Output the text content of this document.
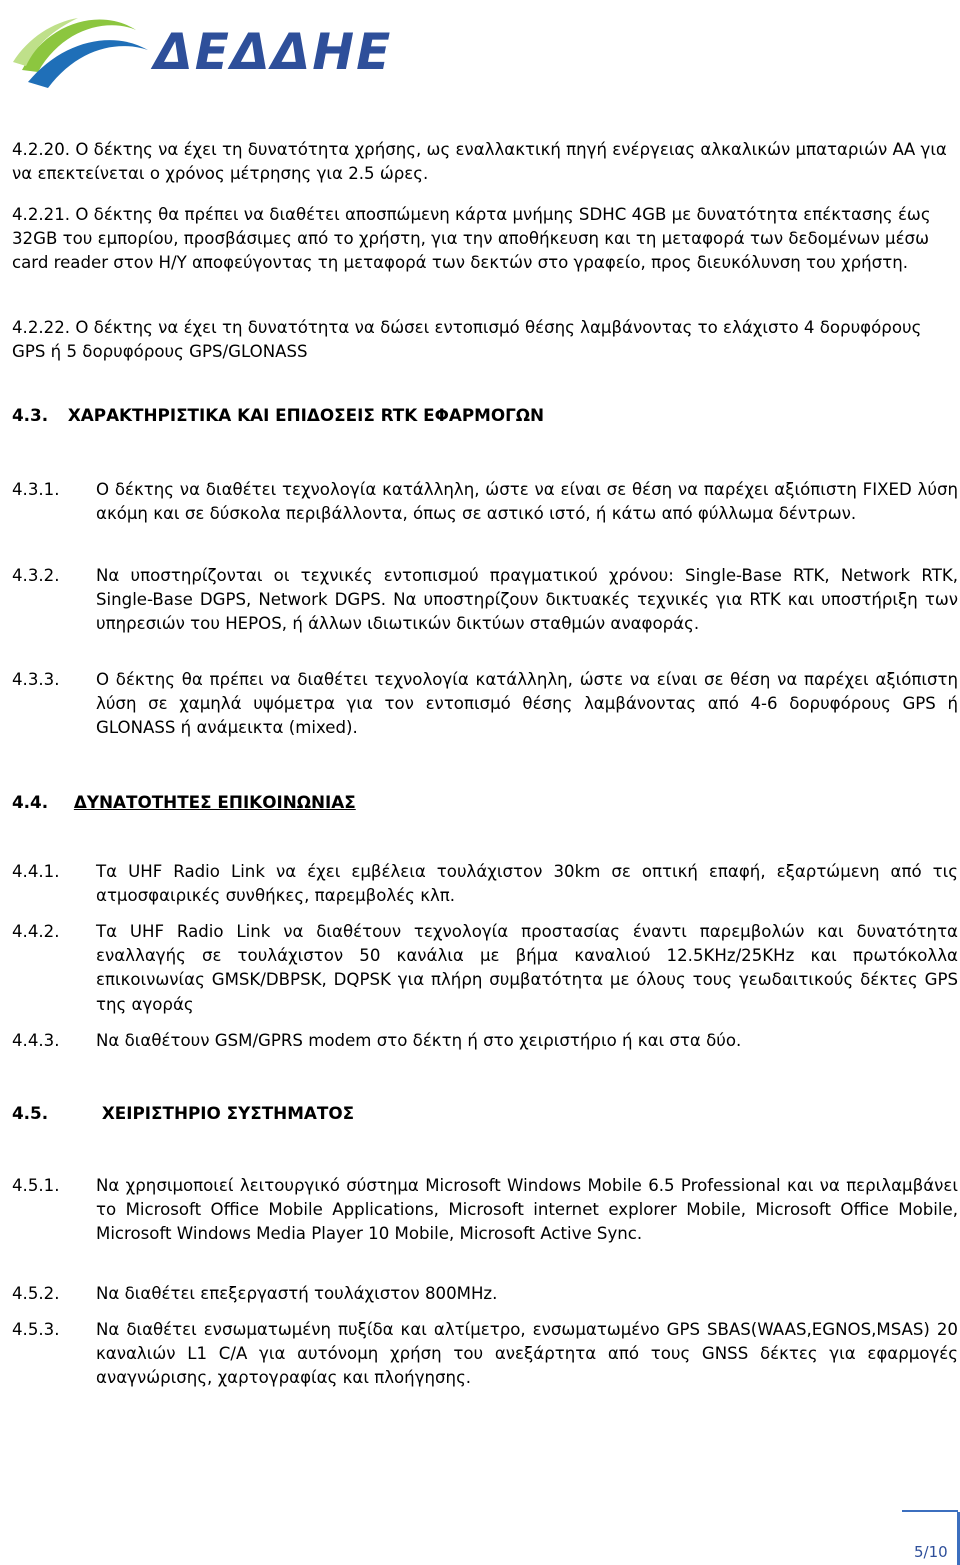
ΔΕΔΔΗΕ
4.2.20. Ο δέκτης να έχει τη δυνατότητα χρήσης, ως εναλλακτική πηγή ενέργειας αλκαλικών μπαταριών ΑΑ για να επεκτείνεται ο χρόνος μέτρησης για 2.5 ώρες.
4.2.21. Ο δέκτης θα πρέπει να διαθέτει αποσπώμενη κάρτα μνήμης SDHC 4GB με δυνατότητα επέκτασης έως 32GB του εμπορίου, προσβάσιμες από το χρήστη, για την αποθήκευση και τη μεταφορά των δεδομένων μέσω card reader στον Η/Υ αποφεύγοντας τη μεταφορά των δεκτών στο γραφείο, προς διευκόλυνση του χρήστη.
4.2.22. Ο δέκτης να έχει τη δυνατότητα να δώσει εντοπισμό θέσης λαμβάνοντας το ελάχιστο 4 δορυφόρους GPS ή 5 δορυφόρους GPS/GLONASS
4.3. ΧΑΡΑΚΤΗΡΙΣΤΙΚΑ ΚΑΙ ΕΠΙΔΟΣΕΙΣ RTK ΕΦΑΡΜΟΓΩΝ
4.3.1. Ο δέκτης να διαθέτει τεχνολογία κατάλληλη, ώστε να είναι σε θέση να παρέχει αξιόπιστη FIXED λύση ακόμη και σε δύσκολα περιβάλλοντα, όπως σε αστικό ιστό, ή κάτω από φύλλωμα δέντρων.
4.3.2. Να υποστηρίζονται οι τεχνικές εντοπισμού πραγματικού χρόνου: Single-Base RTK, Network RTK, Single-Base DGPS, Network DGPS. Να υποστηρίζουν δικτυακές τεχνικές για RTK και υποστήριξη των υπηρεσιών του HEPOS, ή άλλων ιδιωτικών δικτύων σταθμών αναφοράς.
4.3.3. Ο δέκτης θα πρέπει να διαθέτει τεχνολογία κατάλληλη, ώστε να είναι σε θέση να παρέχει αξιόπιστη λύση σε χαμηλά υψόμετρα για τον εντοπισμό θέσης λαμβάνοντας από 4-6 δορυφόρους GPS ή GLONASS ή ανάμεικτα (mixed).
4.4. ΔΥΝΑΤΟΤΗΤΕΣ ΕΠΙΚΟΙΝΩΝΙΑΣ
4.4.1. Τα UHF Radio Link να έχει εμβέλεια τουλάχιστον 30km σε οπτική επαφή, εξαρτώμενη από τις ατμοσφαιρικές συνθήκες, παρεμβολές κλπ.
4.4.2. Τα UHF Radio Link να διαθέτουν τεχνολογία προστασίας έναντι παρεμβολών και δυνατότητα εναλλαγής σε τουλάχιστον 50 κανάλια με βήμα καναλιού 12.5KHz/25KHz και πρωτόκολλα επικοινωνίας GMSK/DBPSK, DQPSK για πλήρη συμβατότητα με όλους τους γεωδαιτικούς δέκτες GPS της αγοράς
4.4.3. Να διαθέτουν GSM/GPRS modem στο δέκτη ή στο χειριστήριο ή και στα δύο.
4.5.	ΧΕΙΡΙΣΤΗΡΙΟ ΣΥΣΤΗΜΑΤΟΣ
4.5.1. Να χρησιμοποιεί λειτουργικό σύστημα Microsoft Windows Mobile 6.5 Professional και να περιλαμβάνει το Microsoft Office Mobile Applications, Microsoft internet explorer Mobile, Microsoft Office Mobile, Microsoft Windows Media Player 10 Mobile, Microsoft Active Sync.
4.5.2. Να διαθέτει επεξεργαστή τουλάχιστον 800MHz.
4.5.3. Να διαθέτει ενσωματωμένη πυξίδα και αλτίμετρο, ενσωματωμένο GPS SBAS(WAAS,EGNOS,MSAS) 20 καναλιών L1 C/A για αυτόνομη χρήση του ανεξάρτητα από τους GNSS δέκτες για εφαρμογές αναγνώρισης, χαρτογραφίας και πλοήγησης.
5/10
